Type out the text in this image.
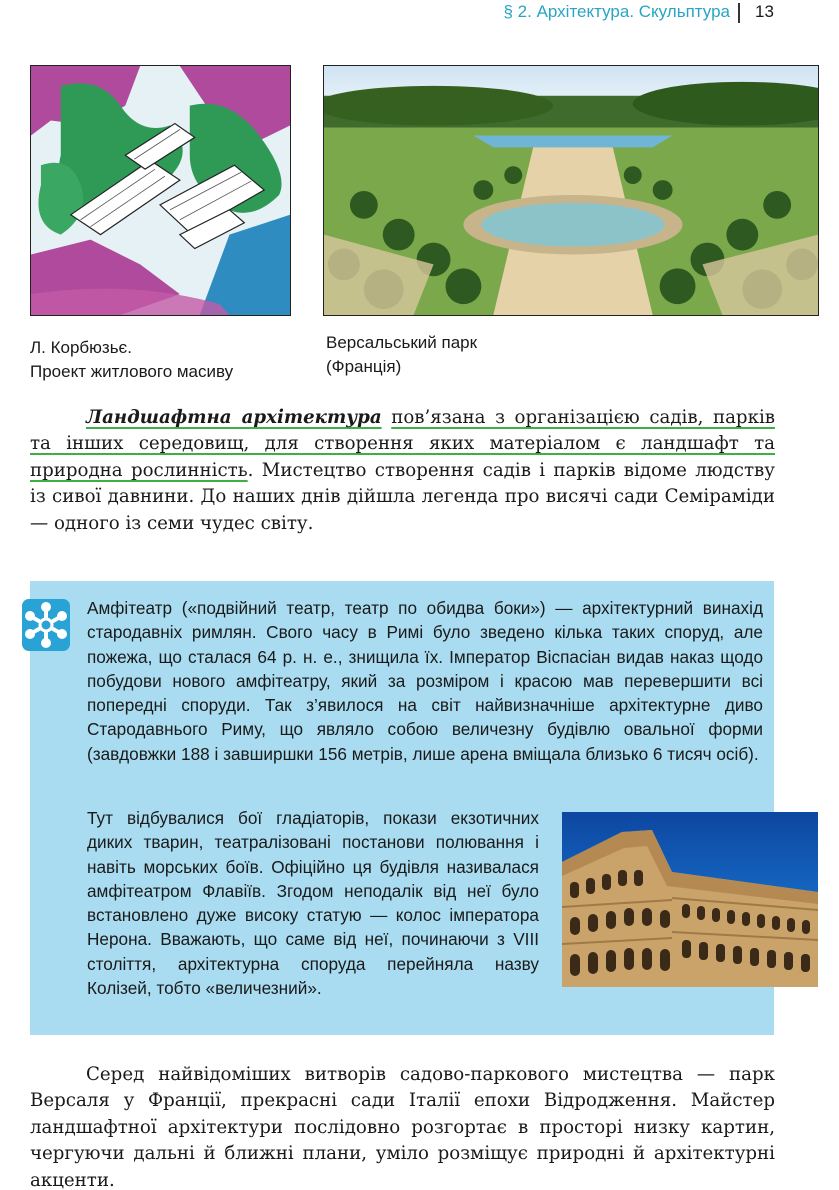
§ 2. Архітектура. Скульптура 13
Л. Корбюзьє.
Проект житлового масиву
Версальський парк
(Франція)

Ландшафтна архітектура пов’язана з організацією садів, парків та інших середовищ, для створення яких матеріалом є ландшафт та природна рослинність. Мистецтво створення садів і парків відоме людству із сивої давнини. До наших днів дійшла легенда про висячі сади Семіраміди — одного із семи чудес світу.

Амфітеатр («подвійний театр, театр по обидва боки») — архітектурний винахід стародавніх римлян. Свого часу в Римі було зведено кілька таких споруд, але пожежа, що сталася 64 р. н. е., знищила їх. Імператор Віспасіан видав наказ щодо побудови нового амфітеатру, який за розміром і красою мав перевершити всі попередні споруди. Так з’явилося на світ найвизначніше архітектурне диво Стародавнього Риму, що являло собою величезну будівлю овальної форми (завдовжки 188 і завширшки 156 метрів, лише арена вміщала близько 6 тисяч осіб).

Тут відбувалися бої гладіаторів, покази екзотичних диких тварин, театралізовані постанови полювання і навіть морських боїв. Офіційно ця будівля називалася амфітеатром Флавіїв. Згодом неподалік від неї було встановлено дуже високу статую — колос імператора Нерона. Вважають, що саме від неї, починаючи з VIII століття, архітектурна споруда перейняла назву Колізей, тобто «величезний».

Серед найвідоміших витворів садово-паркового мистецтва — парк Версаля у Франції, прекрасні сади Італії епохи Відродження. Майстер ландшафтної архітектури послідовно розгортає в просторі низку картин, чергуючи дальні й ближні плани, уміло розміщує природні й архітектурні акценти.
